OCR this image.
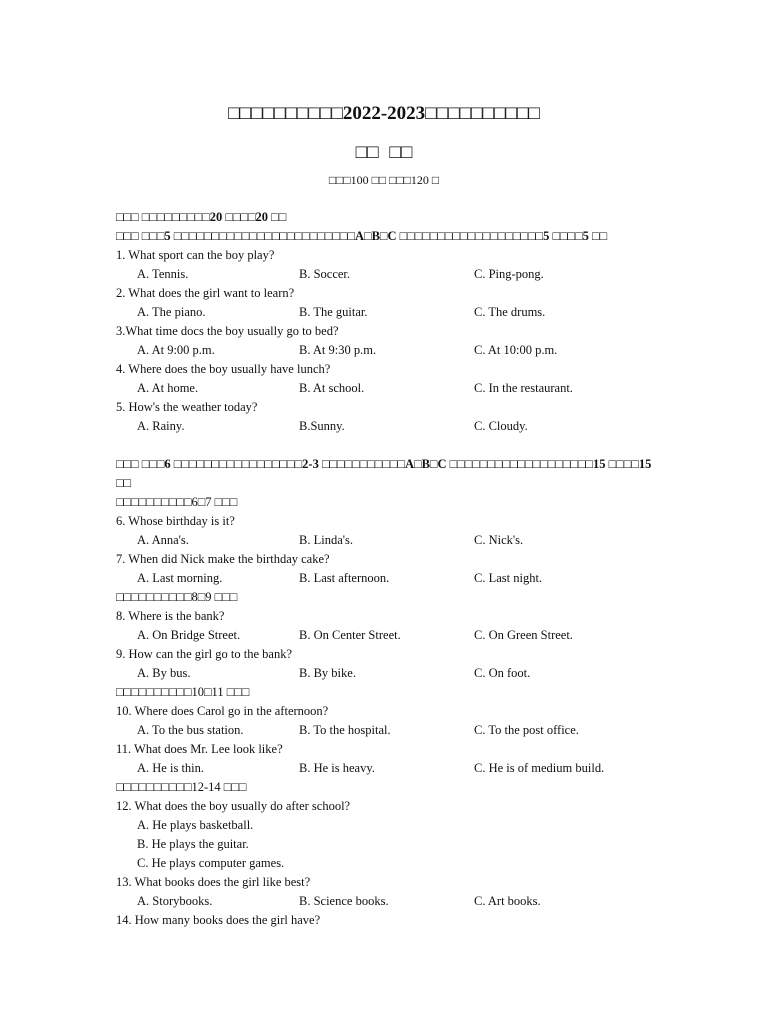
□□□□□□□□□□2022-2023□□□□□□□□□□
□□ □□
□□□100 □□ □□□120 □
□□□ □□□□□□□□□20 □□□□20 □□
□□□ □□□5 □□□□□□□□□□□□□□□□□□□□□□□□A□B□C □□□□□□□□□□□□□□□□□□□5 □□□□5 □□
1. What sport can the boy play?
A. Tennis.	B. Soccer.	C. Ping-pong.
2. What does the girl want to learn?
A. The piano.	B. The guitar.	C. The drums.
3.What time docs the boy usually go to bed?
A. At 9:00 p.m.	B. At 9:30 p.m.	C. At 10:00 p.m.
4. Where does the boy usually have lunch?
A. At home.	B. At school.	C. In the restaurant.
5. How's the weather today?
A. Rainy.	B.Sunny.	C. Cloudy.
□□□ □□□6 □□□□□□□□□□□□□□□□□2-3 □□□□□□□□□□□A□B□C □□□□□□□□□□□□□□□□□□□15 □□□□15 □□
□□□□□□□□□□6□7 □□□
6. Whose birthday is it?
A. Anna's.	B. Linda's.	C. Nick's.
7. When did Nick make the birthday cake?
A. Last morning.	B. Last afternoon.	C. Last night.
□□□□□□□□□□8□9 □□□
8. Where is the bank?
A. On Bridge Street.	B. On Center Street.	C. On Green Street.
9. How can the girl go to the bank?
A. By bus.	B. By bike.	C. On foot.
□□□□□□□□□□10□11 □□□
10. Where does Carol go in the afternoon?
A. To the bus station.	B. To the hospital.	C. To the post office.
11. What does Mr. Lee look like?
A. He is thin.	B. He is heavy.	C. He is of medium build.
□□□□□□□□□□12-14 □□□
12. What does the boy usually do after school?
A. He plays basketball.
B. He plays the guitar.
C. He plays computer games.
13. What books does the girl like best?
A. Storybooks.	B. Science books.	C. Art books.
14. How many books does the girl have?
